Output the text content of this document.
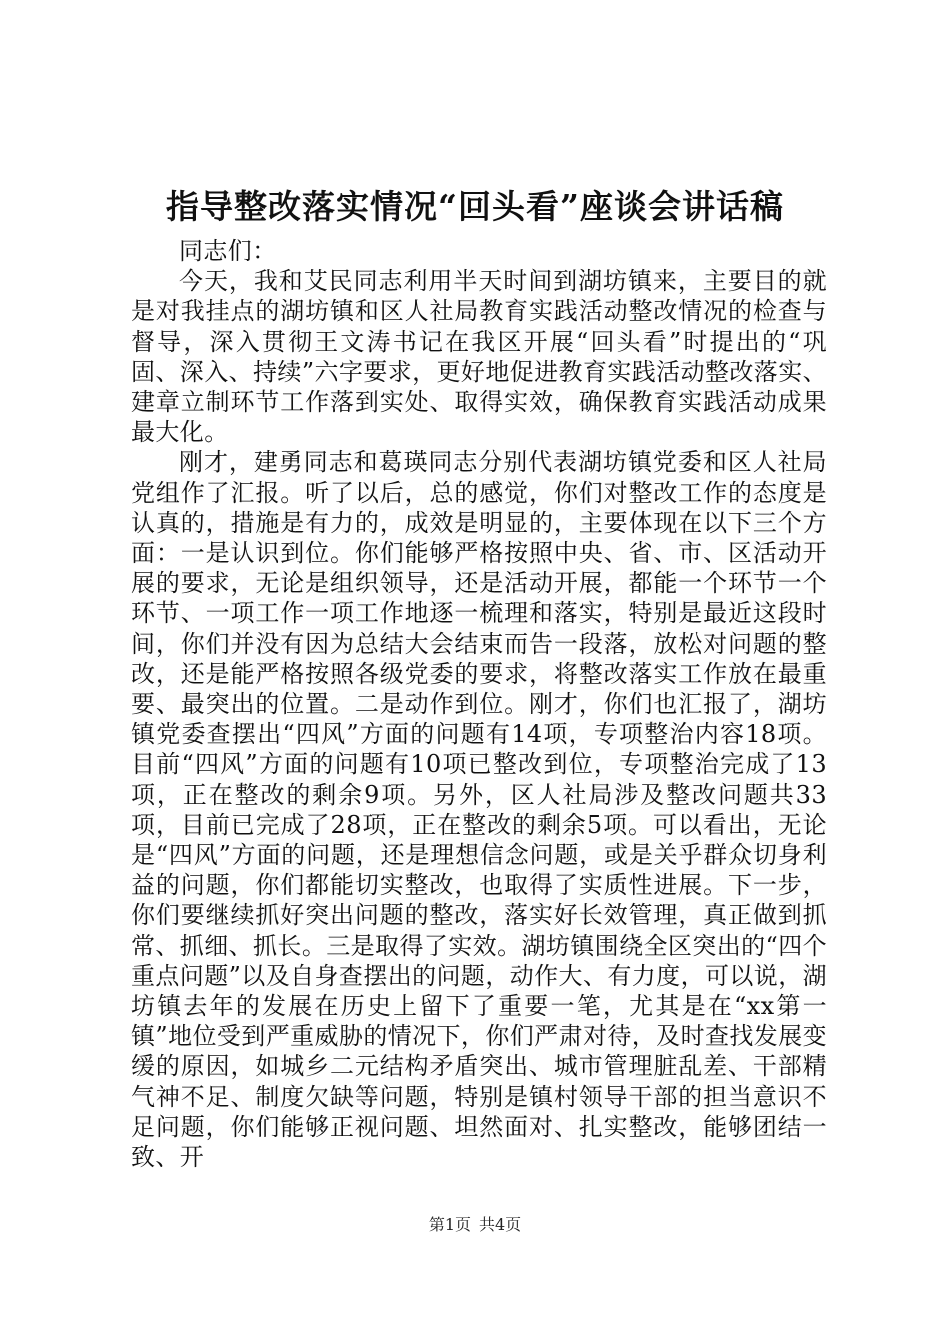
指导整改落实情况“回头看”座谈会讲话稿

同志们：

今天，我和艾民同志利用半天时间到湖坊镇来，主要目的就是对我挂点的湖坊镇和区人社局教育实践活动整改情况的检查与督导，深入贯彻王文涛书记在我区开展“回头看”时提出的“巩固、深入、持续”六字要求，更好地促进教育实践活动整改落实、建章立制环节工作落到实处、取得实效，确保教育实践活动成果最大化。

刚才，建勇同志和葛瑛同志分别代表湖坊镇党委和区人社局党组作了汇报。听了以后，总的感觉，你们对整改工作的态度是认真的，措施是有力的，成效是明显的，主要体现在以下三个方面：一是认识到位。你们能够严格按照中央、省、市、区活动开展的要求，无论是组织领导，还是活动开展，都能一个环节一个环节、一项工作一项工作地逐一梳理和落实，特别是最近这段时间，你们并没有因为总结大会结束而告一段落，放松对问题的整改，还是能严格按照各级党委的要求，将整改落实工作放在最重要、最突出的位置。二是动作到位。刚才，你们也汇报了，湖坊镇党委查摆出“四风”方面的问题有14项，专项整治内容18项。目前“四风”方面的问题有10项已整改到位，专项整治完成了13项，正在整改的剩余9项。另外，区人社局涉及整改问题共33项，目前已完成了28项，正在整改的剩余5项。可以看出，无论是“四风”方面的问题，还是理想信念问题，或是关乎群众切身利益的问题，你们都能切实整改，也取得了实质性进展。下一步，你们要继续抓好突出问题的整改，落实好长效管理，真正做到抓常、抓细、抓长。三是取得了实效。湖坊镇围绕全区突出的“四个重点问题”以及自身查摆出的问题，动作大、有力度，可以说，湖坊镇去年的发展在历史上留下了重要一笔，尤其是在“xx第一镇”地位受到严重威胁的情况下，你们严肃对待，及时查找发展变缓的原因，如城乡二元结构矛盾突出、城市管理脏乱差、干部精气神不足、制度欠缺等问题，特别是镇村领导干部的担当意识不足问题，你们能够正视问题、坦然面对、扎实整改，能够团结一致、开

第1页 共4页
